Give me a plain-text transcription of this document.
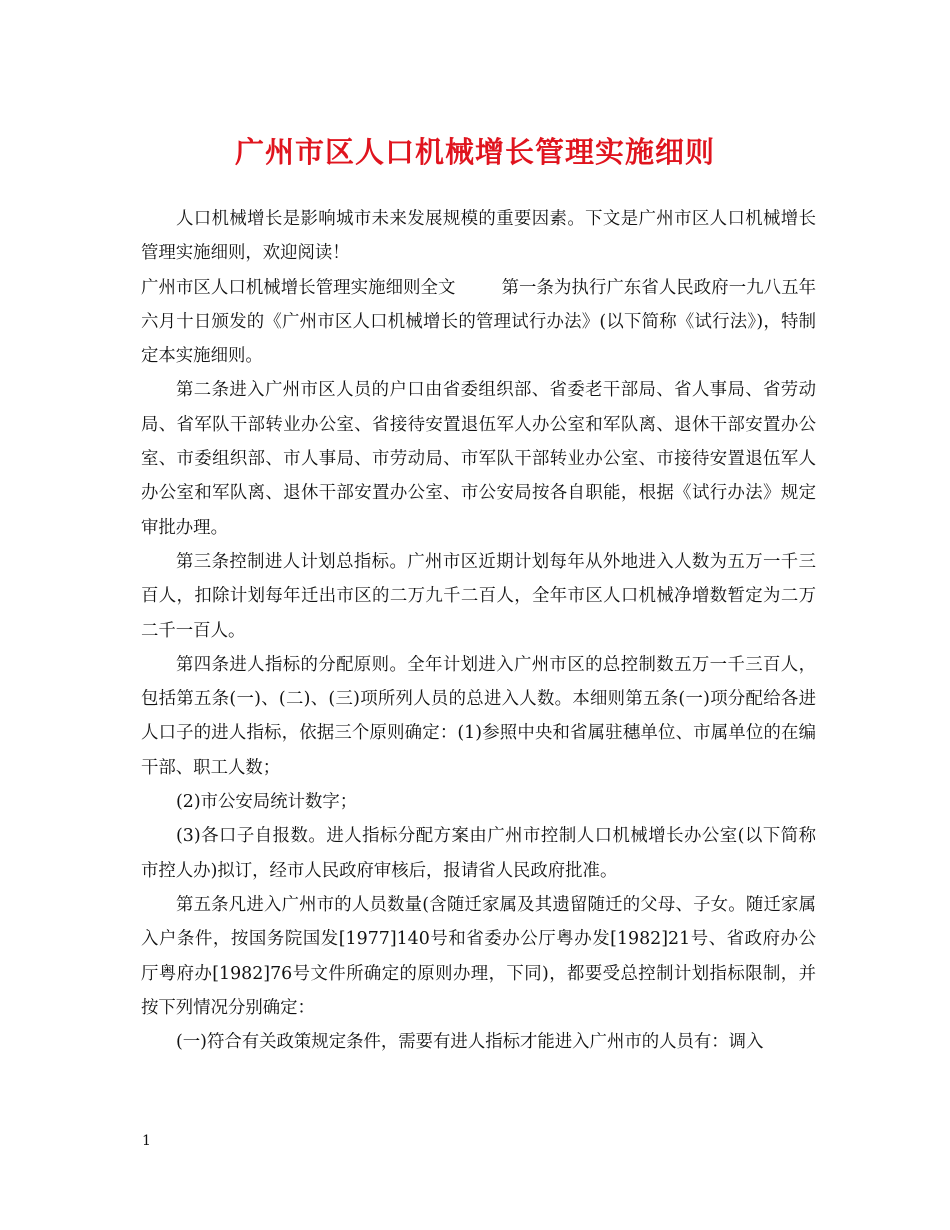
广州市区人口机械增长管理实施细则

人口机械增长是影响城市未来发展规模的重要因素。下文是广州市区人口机械增长管理实施细则，欢迎阅读！

广州市区人口机械增长管理实施细则全文	第一条为执行广东省人民政府一九八五年六月十日颁发的《广州市区人口机械增长的管理试行办法》(以下简称《试行法》)，特制定本实施细则。

第二条进入广州市区人员的户口由省委组织部、省委老干部局、省人事局、省劳动局、省军队干部转业办公室、省接待安置退伍军人办公室和军队离、退休干部安置办公室、市委组织部、市人事局、市劳动局、市军队干部转业办公室、市接待安置退伍军人办公室和军队离、退休干部安置办公室、市公安局按各自职能，根据《试行办法》规定审批办理。

第三条控制进人计划总指标。广州市区近期计划每年从外地进入人数为五万一千三百人，扣除计划每年迁出市区的二万九千二百人，全年市区人口机械净增数暂定为二万二千一百人。

第四条进人指标的分配原则。全年计划进入广州市区的总控制数五万一千三百人，包括第五条(一)、(二)、(三)项所列人员的总进入人数。本细则第五条(一)项分配给各进人口子的进人指标，依据三个原则确定：(1)参照中央和省属驻穗单位、市属单位的在编干部、职工人数；

(2)市公安局统计数字；

(3)各口子自报数。进人指标分配方案由广州市控制人口机械增长办公室(以下简称市控人办)拟订，经市人民政府审核后，报请省人民政府批准。

第五条凡进入广州市的人员数量(含随迁家属及其遗留随迁的父母、子女。随迁家属入户条件，按国务院国发[1977]140号和省委办公厅粤办发[1982]21号、省政府办公厅粤府办[1982]76号文件所确定的原则办理，下同)，都要受总控制计划指标限制，并按下列情况分别确定：

(一)符合有关政策规定条件，需要有进人指标才能进入广州市的人员有：调入

1
